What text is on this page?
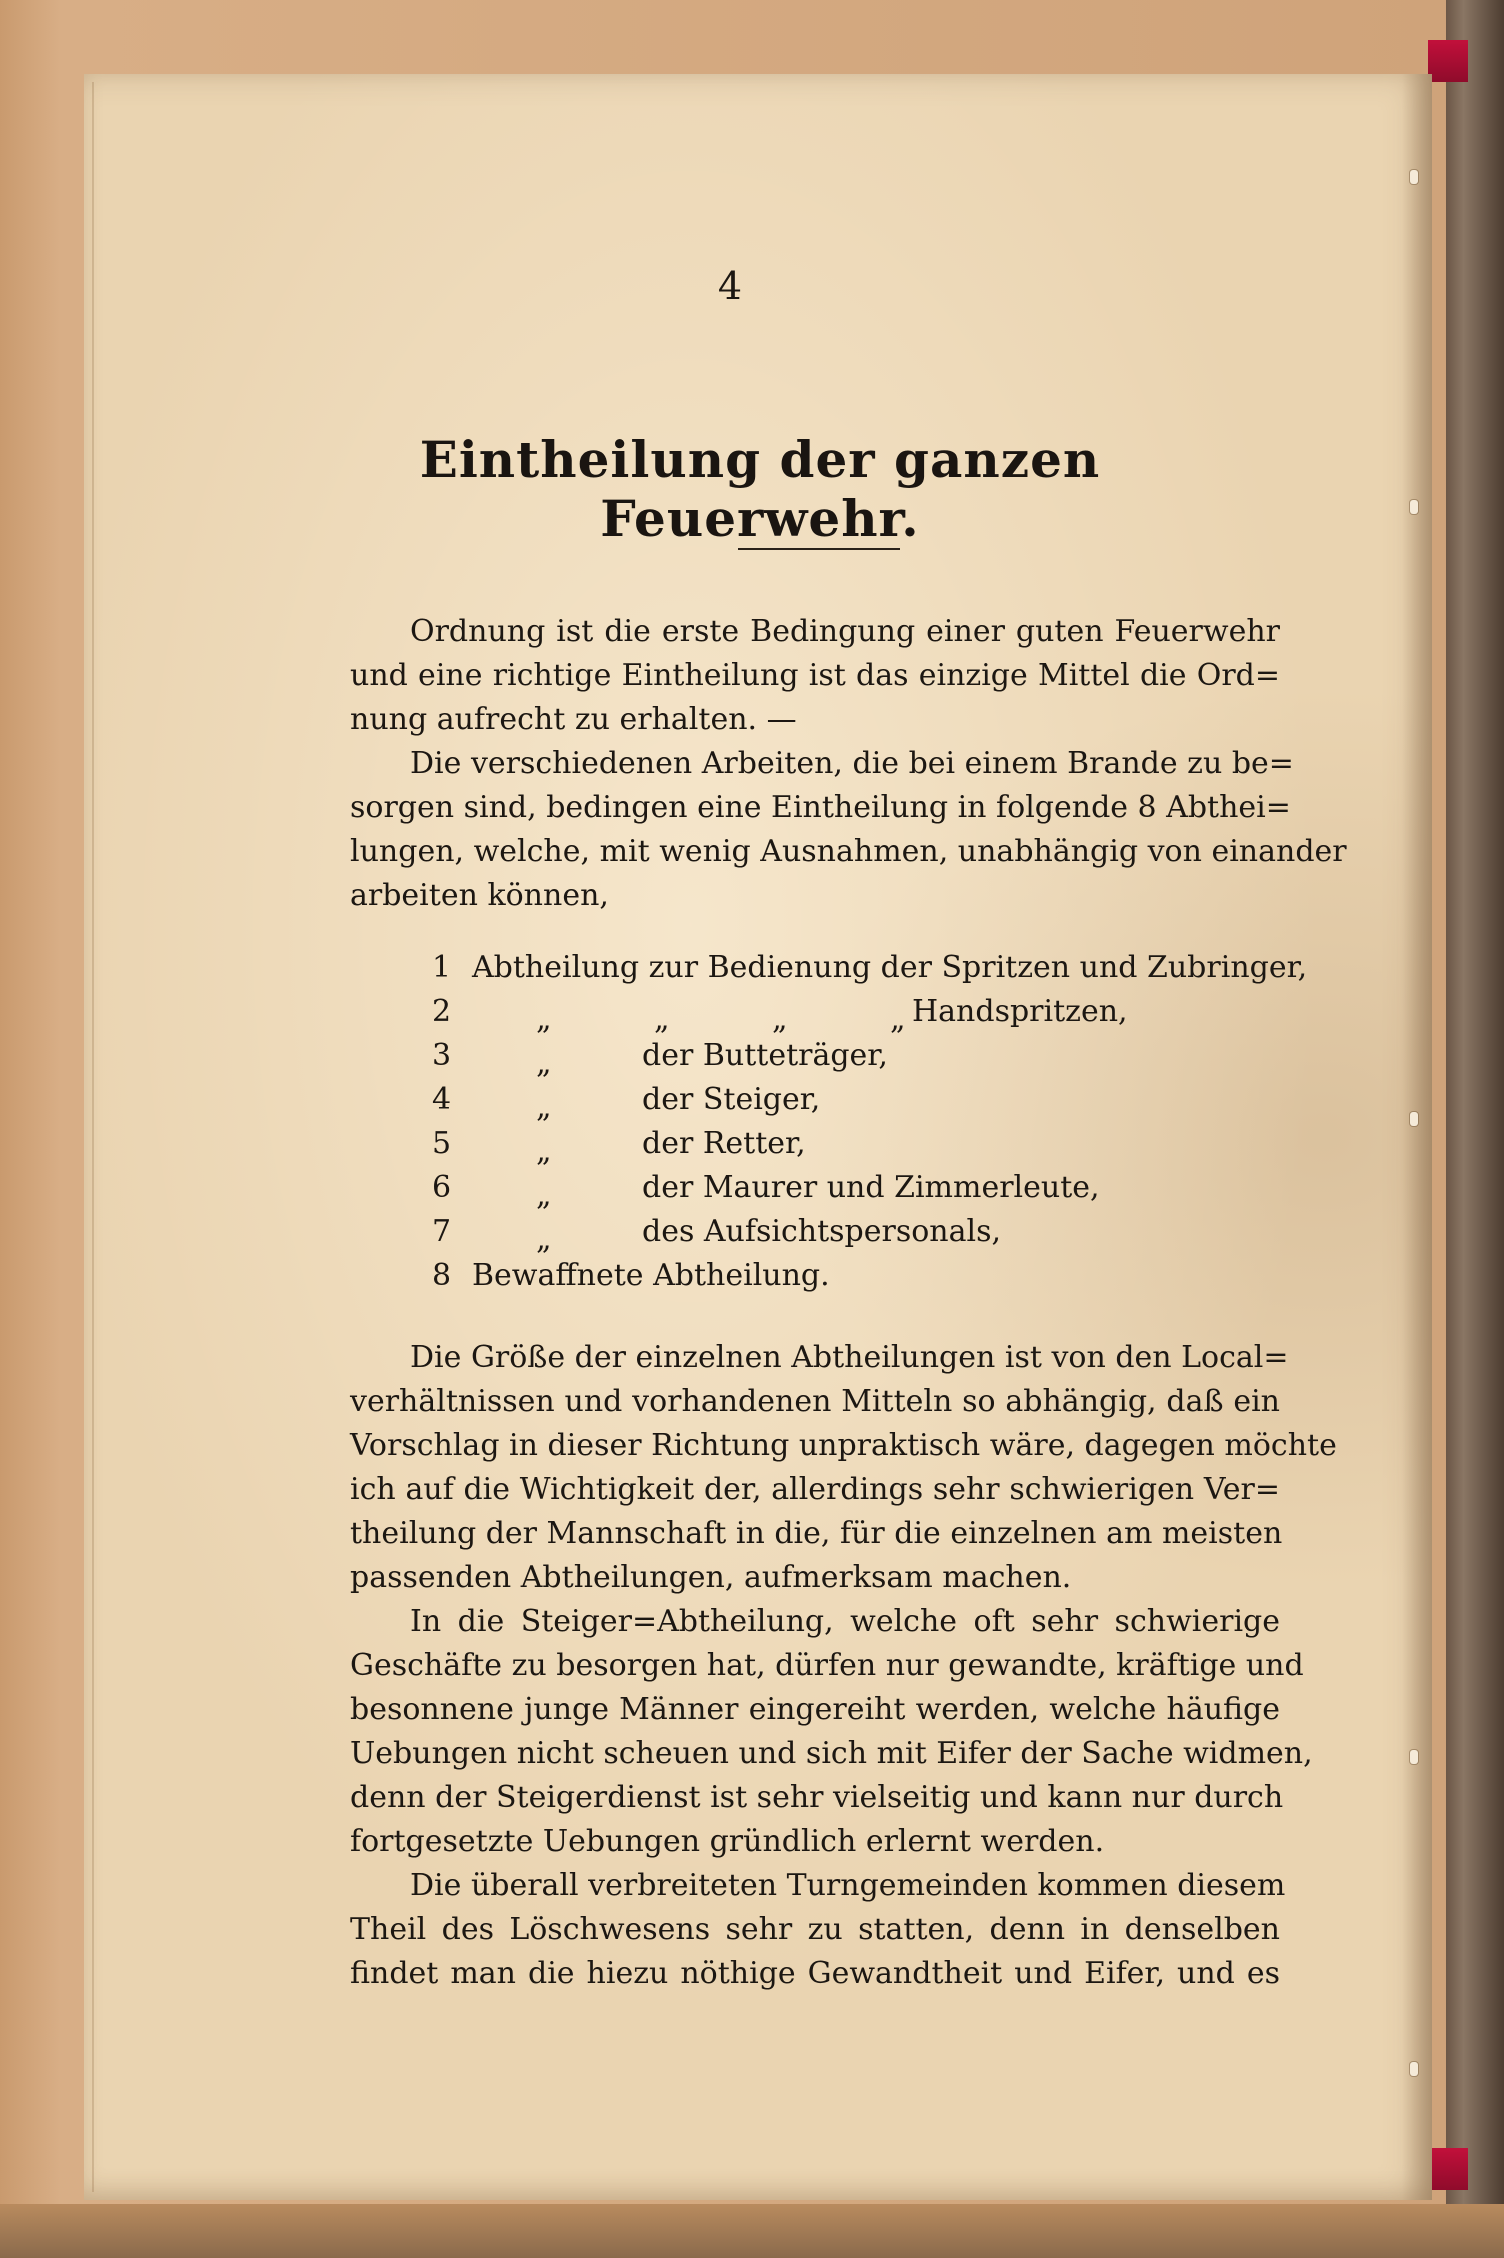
4
Eintheilung der ganzen Feuerwehr.
Ordnung ist die erste Bedingung einer guten Feuerwehr
und eine richtige Eintheilung ist das einzige Mittel die Ord=
nung aufrecht zu erhalten. —
Die verschiedenen Arbeiten, die bei einem Brande zu be=
sorgen sind, bedingen eine Eintheilung in folgende 8 Abthei=
lungen, welche, mit wenig Ausnahmen, unabhängig von einander
arbeiten können,
1 Abtheilung zur Bedienung der Spritzen und Zubringer,
2	„	„	„	„ Handspritzen,
3	„	der Butteträger,
4	„	der Steiger,
5	„	der Retter,
6	„	der Maurer und Zimmerleute,
7	„	des Aufsichtspersonals,
8 Bewaffnete Abtheilung.
Die Größe der einzelnen Abtheilungen ist von den Local=
verhältnissen und vorhandenen Mitteln so abhängig, daß ein
Vorschlag in dieser Richtung unpraktisch wäre, dagegen möchte
ich auf die Wichtigkeit der, allerdings sehr schwierigen Ver=
theilung der Mannschaft in die, für die einzelnen am meisten
passenden Abtheilungen, aufmerksam machen.
In die Steiger=Abtheilung, welche oft sehr schwierige
Geschäfte zu besorgen hat, dürfen nur gewandte, kräftige und
besonnene junge Männer eingereiht werden, welche häufige
Uebungen nicht scheuen und sich mit Eifer der Sache widmen,
denn der Steigerdienst ist sehr vielseitig und kann nur durch
fortgesetzte Uebungen gründlich erlernt werden.
Die überall verbreiteten Turngemeinden kommen diesem
Theil des Löschwesens sehr zu statten, denn in denselben
findet man die hiezu nöthige Gewandtheit und Eifer, und es
